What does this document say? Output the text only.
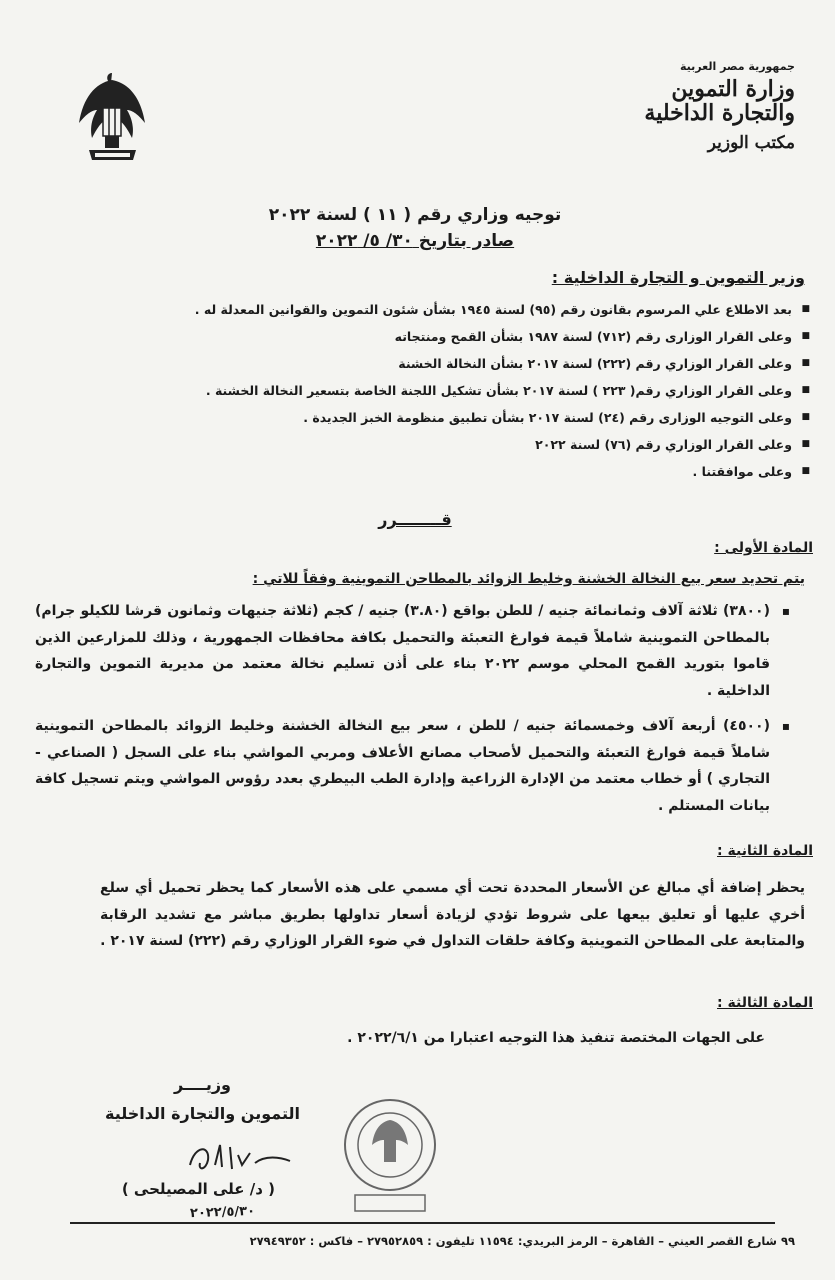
جمهورية مصر العربية
وزارة التموين والتجارة الداخلية
مكتب الوزير
توجيه وزاري رقم ( ١١ ) لسنة ٢٠٢٢
صادر بتاريخ ٣٠/ ٥/ ٢٠٢٢
وزير التموين و التجارة الداخلية :
■ بعد الاطلاع علي المرسوم بقانون رقم (٩٥) لسنة ١٩٤٥ بشأن شئون التموين والقوانين المعدلة له .
■ وعلى القرار الوزارى رقم (٧١٢) لسنة ١٩٨٧ بشأن القمح ومنتجاته
■ وعلى القرار الوزاري رقم (٢٢٢) لسنة ٢٠١٧ بشأن النخالة الخشنة
■ وعلى القرار الوزاري رقم( ٢٢٣ ) لسنة ٢٠١٧ بشأن تشكيل اللجنة الخاصة بتسعير النخالة الخشنة .
■ وعلى التوجيه الوزارى رقم (٢٤) لسنة ٢٠١٧ بشأن تطبيق منظومة الخبز الجديدة .
■ وعلى القرار الوزاري رقم (٧٦) لسنة ٢٠٢٢
■ وعلى موافقتنا .
قــــــــرر
المادة الأولى :
يتم تحديد سعر بيع النخالة الخشنة وخليط الزوائد بالمطاحن التموينية وفقاً للاتي :
▪ (٣٨٠٠) ثلاثة آلاف وثمانمائة جنيه / للطن بواقع (٣.٨٠) جنيه / كجم (ثلاثة جنيهات وثمانون قرشا للكيلو جرام) بالمطاحن التموينية شاملاً قيمة فوارغ التعبئة والتحميل بكافة محافظات الجمهورية ، وذلك للمزارعين الذين قاموا بتوريد القمح المحلي موسم ٢٠٢٢ بناء على أذن تسليم نخالة معتمد من مديرية التموين والتجارة الداخلية .
▪ (٤٥٠٠) أربعة آلاف وخمسمائة جنيه / للطن ، سعر بيع النخالة الخشنة وخليط الزوائد بالمطاحن التموينية شاملاً قيمة فوارغ التعبئة والتحميل لأصحاب مصانع الأعلاف ومربي المواشي بناء على السجل ( الصناعي - التجاري ) أو خطاب معتمد من الإدارة الزراعية وإدارة الطب البيطري بعدد رؤوس المواشي ويتم تسجيل كافة بيانات المستلم .
المادة الثانية :
يحظر إضافة أي مبالغ عن الأسعار المحددة تحت أي مسمي على هذه الأسعار كما يحظر تحميل أي سلع أخري عليها أو تعليق بيعها على شروط تؤدي لزيادة أسعار تداولها بطريق مباشر مع تشديد الرقابة والمتابعة على المطاحن التموينية وكافة حلقات التداول في ضوء القرار الوزاري رقم (٢٢٢) لسنة ٢٠١٧ .
المادة الثالثة :
على الجهات المختصة تنفيذ هذا التوجيه اعتبارا من ٢٠٢٢/٦/١ .
وزيــــر
التموين والتجارة الداخلية
( د/ على المصيلحى )
٢٠٢٢/٥/٣٠
٩٩ شارع القصر العيني – القاهرة – الرمز البريدي: ١١٥٩٤ تليفون : ٢٧٩٥٢٨٥٩ – فاكس : ٢٧٩٤٩٣٥٢
